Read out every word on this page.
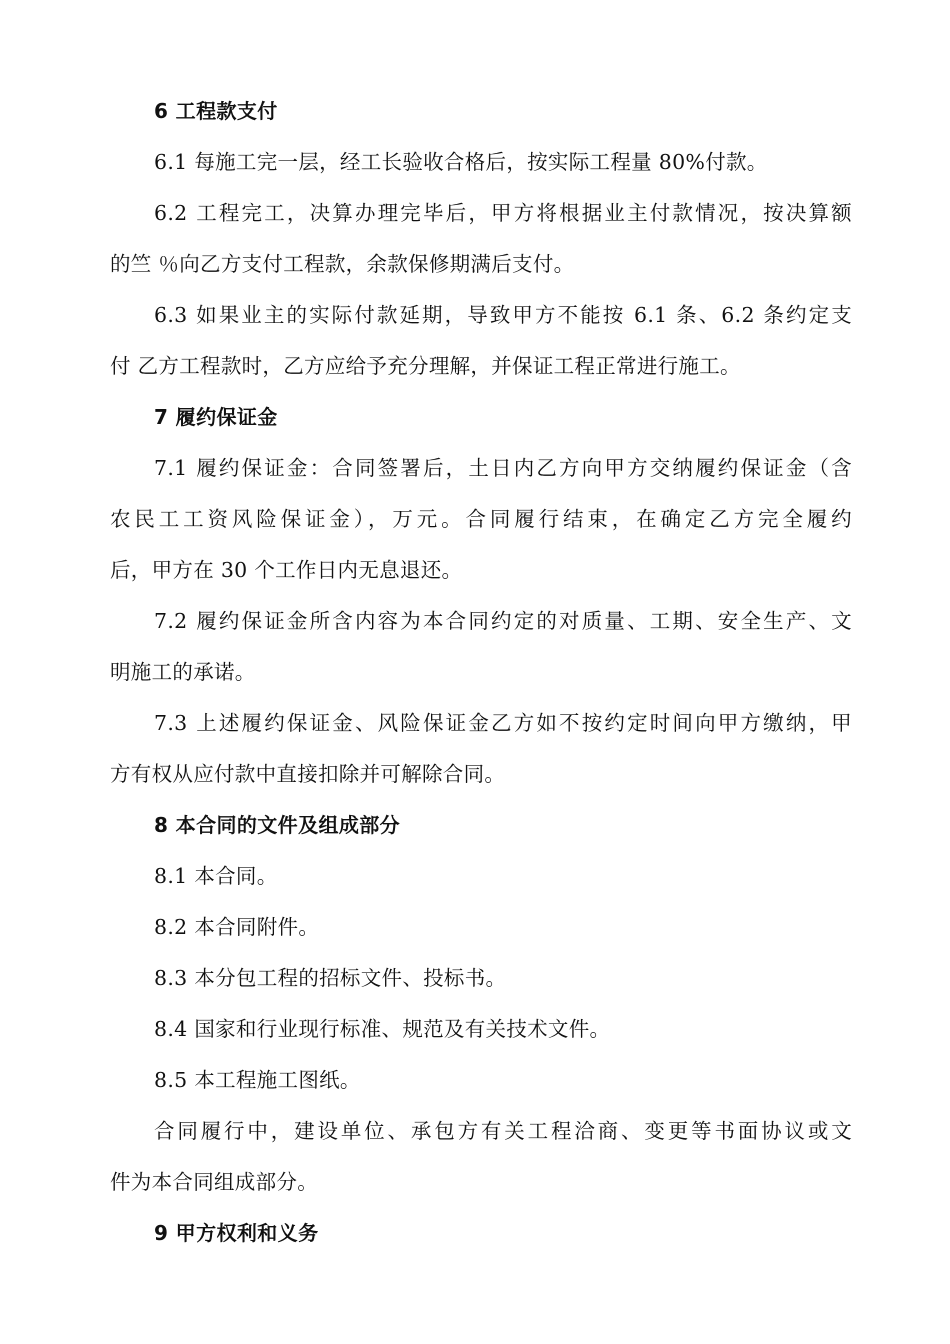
6 工程款支付
6.1 每施工完一层，经工长验收合格后，按实际工程量 80%付款。
6.2 工程完工，决算办理完毕后，甲方将根据业主付款情况，按决算额
的竺 ％向乙方支付工程款，余款保修期满后支付。
6.3 如果业主的实际付款延期，导致甲方不能按 6.1 条、6.2 条约定支
付 乙方工程款时，乙方应给予充分理解，并保证工程正常进行施工。
7 履约保证金
7.1 履约保证金：合同签署后，土日内乙方向甲方交纳履约保证金（含
农民工工资风险保证金），万元。合同履行结束，在确定乙方完全履约
后，甲方在 30 个工作日内无息退还。
7.2 履约保证金所含内容为本合同约定的对质量、工期、安全生产、文
明施工的承诺。
7.3 上述履约保证金、风险保证金乙方如不按约定时间向甲方缴纳，甲
方有权从应付款中直接扣除并可解除合同。
8 本合同的文件及组成部分
8.1 本合同。
8.2 本合同附件。
8.3 本分包工程的招标文件、投标书。
8.4 国家和行业现行标准、规范及有关技术文件。
8.5 本工程施工图纸。
合同履行中，建设单位、承包方有关工程洽商、变更等书面协议或文
件为本合同组成部分。
9 甲方权利和义务
